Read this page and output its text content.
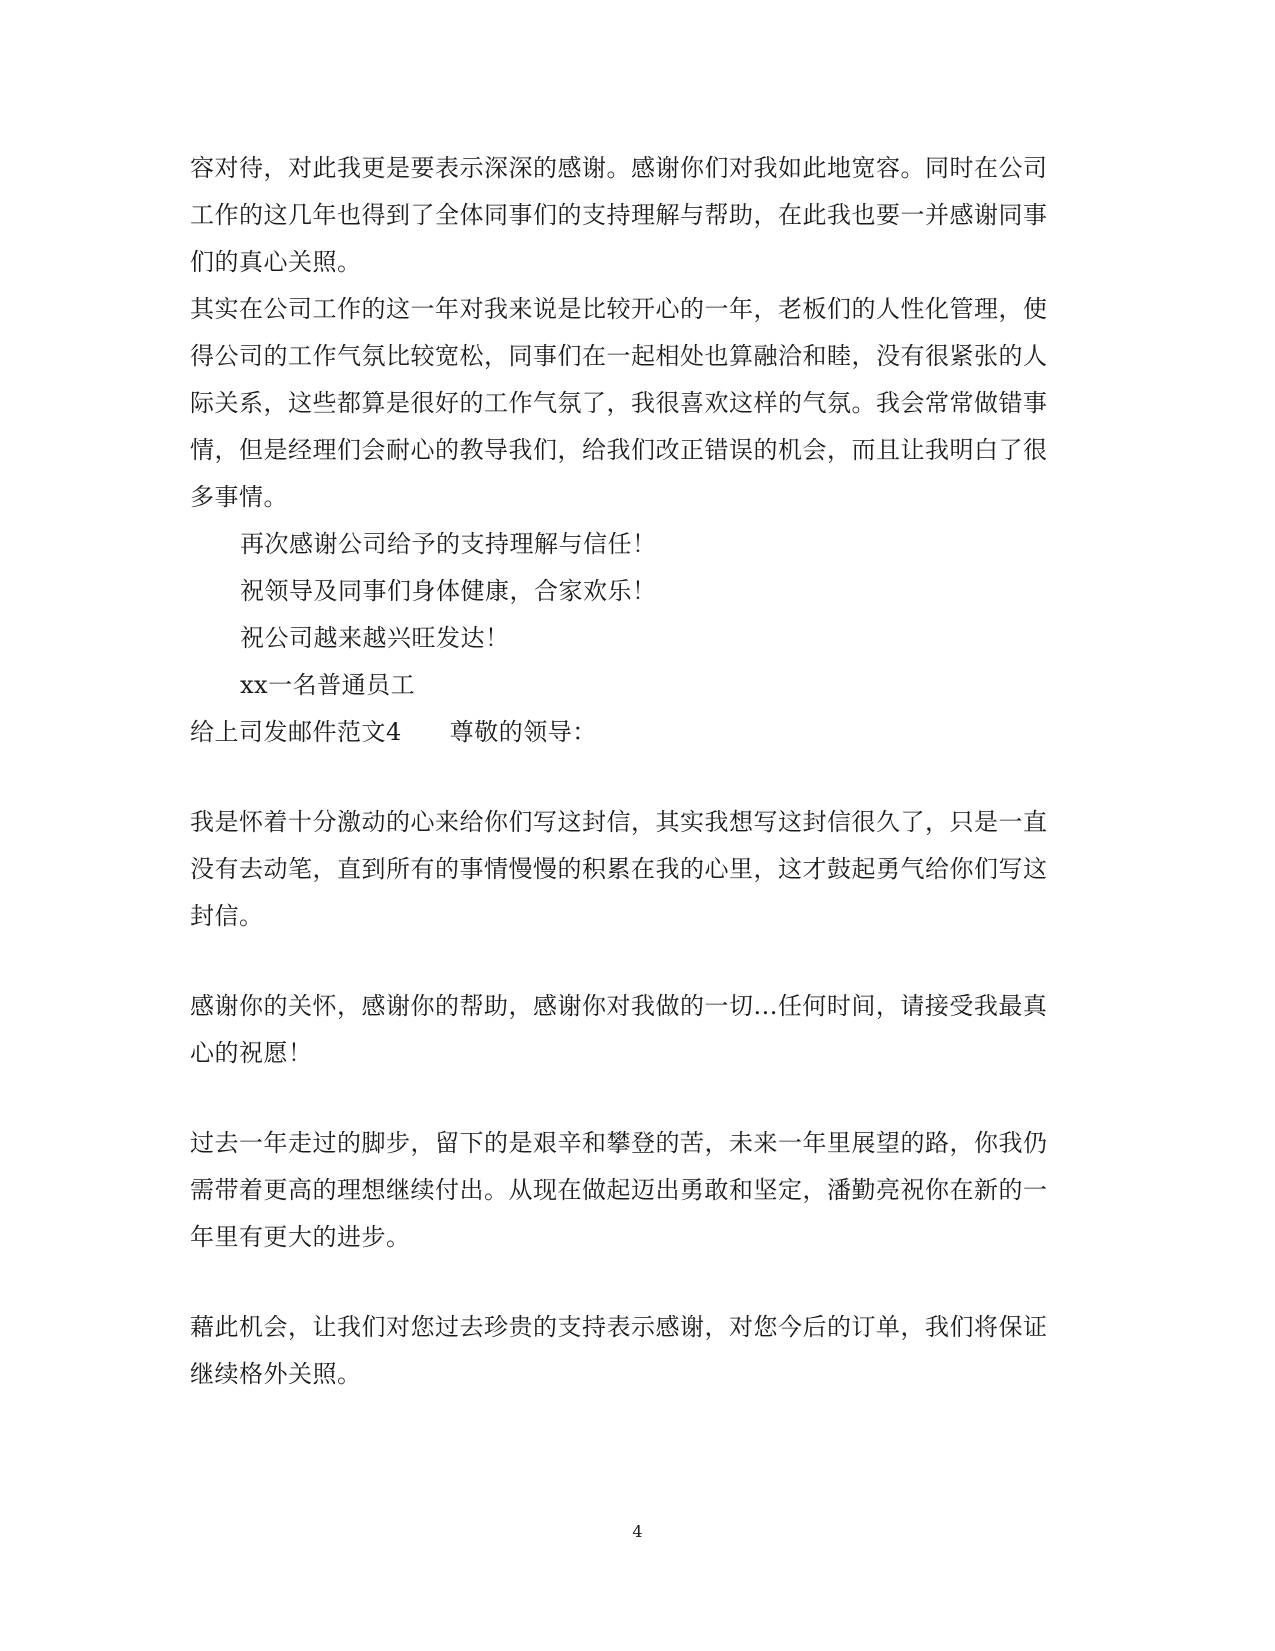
容对待，对此我更是要表示深深的感谢。感谢你们对我如此地宽容。同时在公司
工作的这几年也得到了全体同事们的支持理解与帮助，在此我也要一并感谢同事
们的真心关照。
其实在公司工作的这一年对我来说是比较开心的一年，老板们的人性化管理，使
得公司的工作气氛比较宽松，同事们在一起相处也算融洽和睦，没有很紧张的人
际关系，这些都算是很好的工作气氛了，我很喜欢这样的气氛。我会常常做错事
情，但是经理们会耐心的教导我们，给我们改正错误的机会，而且让我明白了很
多事情。
再次感谢公司给予的支持理解与信任！
祝领导及同事们身体健康，合家欢乐！
祝公司越来越兴旺发达！
xx一名普通员工
给上司发邮件范文4 尊敬的领导：
我是怀着十分激动的心来给你们写这封信，其实我想写这封信很久了，只是一直
没有去动笔，直到所有的事情慢慢的积累在我的心里，这才鼓起勇气给你们写这
封信。
感谢你的关怀，感谢你的帮助，感谢你对我做的一切...任何时间，请接受我最真
心的祝愿！
过去一年走过的脚步，留下的是艰辛和攀登的苦，未来一年里展望的路，你我仍
需带着更高的理想继续付出。从现在做起迈出勇敢和坚定，潘勤亮祝你在新的一
年里有更大的进步。
藉此机会，让我们对您过去珍贵的支持表示感谢，对您今后的订单，我们将保证
继续格外关照。
4
